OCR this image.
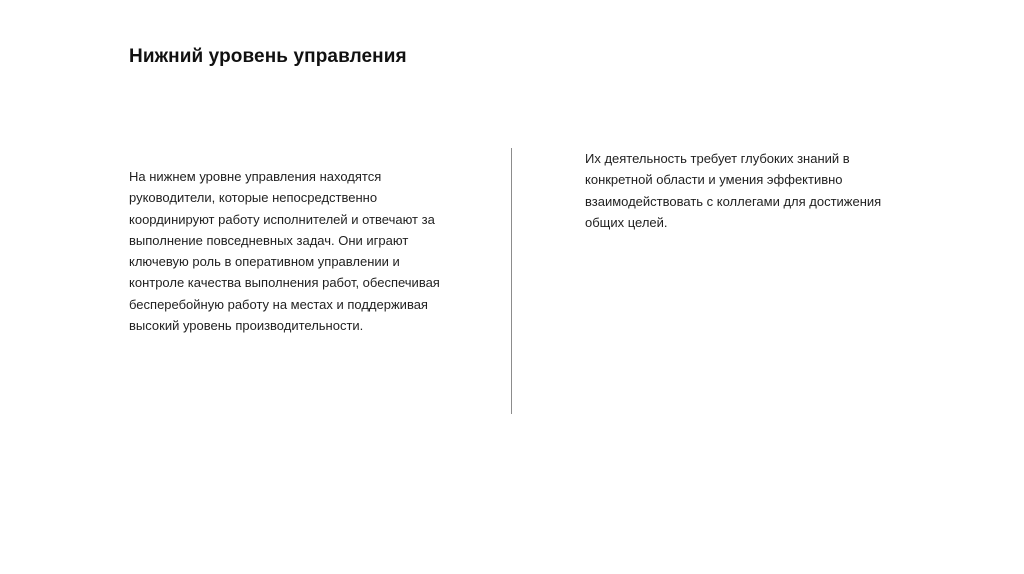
Нижний уровень управления

На нижнем уровне управления находятся
руководители, которые непосредственно
координируют работу исполнителей и отвечают за
выполнение повседневных задач. Они играют
ключевую роль в оперативном управлении и
контроле качества выполнения работ, обеспечивая
бесперебойную работу на местах и поддерживая
высокий уровень производительности.

Их деятельность требует глубоких знаний в
конкретной области и умения эффективно
взаимодействовать с коллегами для достижения
общих целей.
